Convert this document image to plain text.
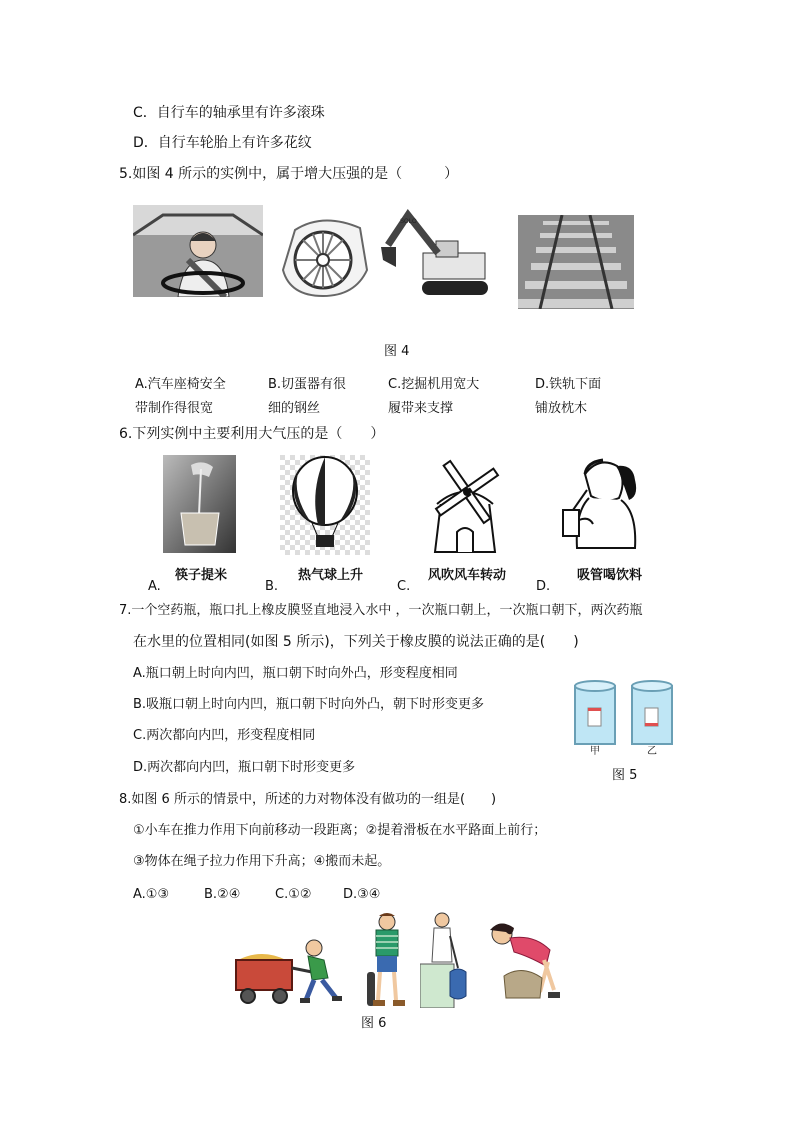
C．自行车的轴承里有许多滚珠
D．自行车轮胎上有许多花纹
5.如图 4 所示的实例中，属于增大压强的是（　　　）
SOLO
图 4
A.汽车座椅安全
带制作得很宽
B.切蛋器有很
细的钢丝
C.挖掘机用宽大
履带来支撑
D.铁轨下面
铺放枕木
6.下列实例中主要利用大气压的是（　　）
A.
筷子提米
B.
热气球上升
C.
风吹风车转动
D.
吸管喝饮料
7.一个空药瓶，瓶口扎上橡皮膜竖直地浸入水中 ，一次瓶口朝上，一次瓶口朝下，两次药瓶
在水里的位置相同(如图 5 所示)，下列关于橡皮膜的说法正确的是(　　)
A.瓶口朝上时向内凹，瓶口朝下时向外凸，形变程度相同
B.吸瓶口朝上时向内凹，瓶口朝下时向外凸，朝下时形变更多
C.两次都向内凹，形变程度相同
D.两次都向内凹，瓶口朝下时形变更多
甲	乙
图 5
8.如图 6 所示的情景中，所述的力对物体没有做功的一组是(　　)
①小车在推力作用下向前移动一段距离；②提着滑板在水平路面上前行；
③物体在绳子拉力作用下升高；④搬而未起。
A.①③	B.②④	C.①② D.③④
图 6
